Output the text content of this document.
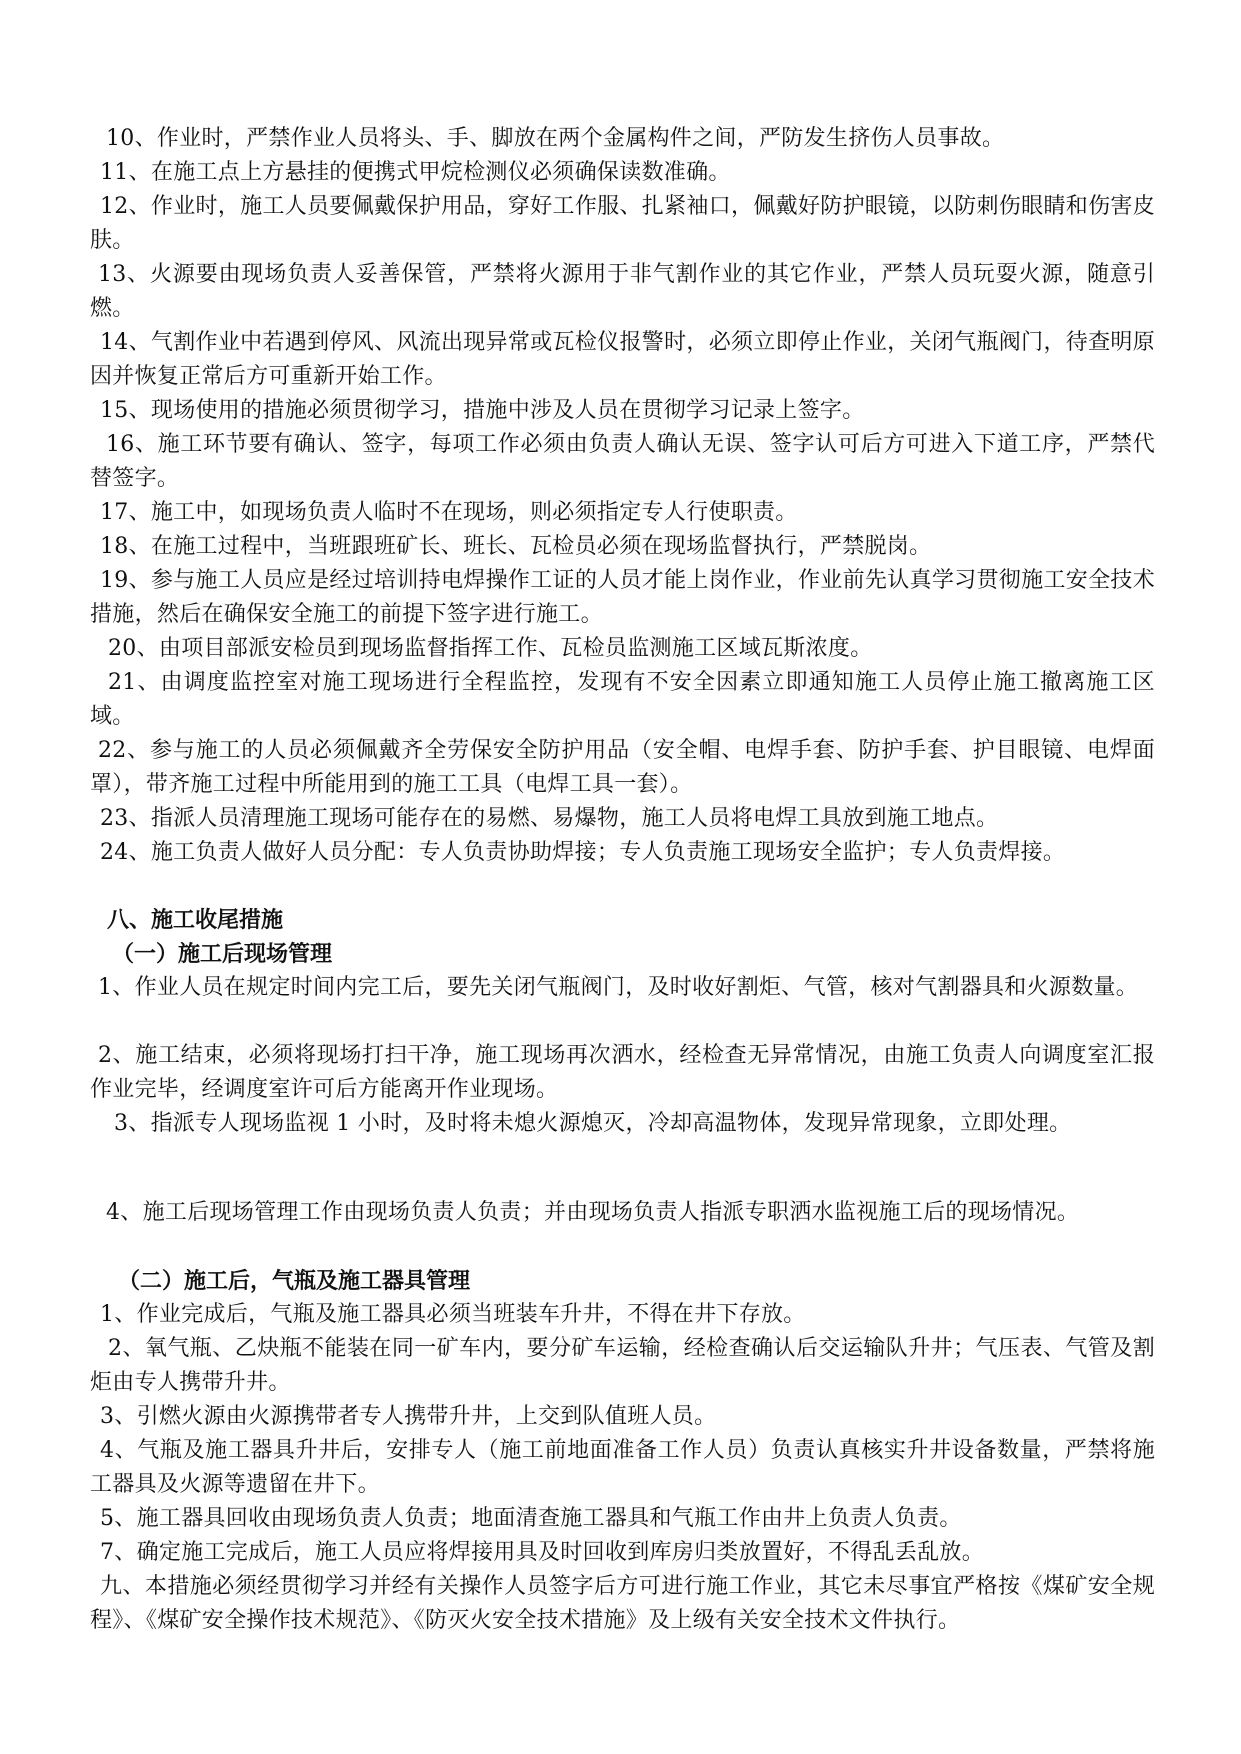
10、作业时，严禁作业人员将头、手、脚放在两个金属构件之间，严防发生挤伤人员事故。

11、在施工点上方悬挂的便携式甲烷检测仪必须确保读数准确。

12、作业时，施工人员要佩戴保护用品，穿好工作服、扎紧袖口，佩戴好防护眼镜，以防刺伤眼睛和伤害皮肤。

13、火源要由现场负责人妥善保管，严禁将火源用于非气割作业的其它作业，严禁人员玩耍火源，随意引燃。

14、气割作业中若遇到停风、风流出现异常或瓦检仪报警时，必须立即停止作业，关闭气瓶阀门，待查明原因并恢复正常后方可重新开始工作。

15、现场使用的措施必须贯彻学习，措施中涉及人员在贯彻学习记录上签字。

16、施工环节要有确认、签字，每项工作必须由负责人确认无误、签字认可后方可进入下道工序，严禁代替签字。

17、施工中，如现场负责人临时不在现场，则必须指定专人行使职责。

18、在施工过程中，当班跟班矿长、班长、瓦检员必须在现场监督执行，严禁脱岗。

19、参与施工人员应是经过培训持电焊操作工证的人员才能上岗作业，作业前先认真学习贯彻施工安全技术措施，然后在确保安全施工的前提下签字进行施工。

20、由项目部派安检员到现场监督指挥工作、瓦检员监测施工区域瓦斯浓度。

21、由调度监控室对施工现场进行全程监控，发现有不安全因素立即通知施工人员停止施工撤离施工区域。

22、参与施工的人员必须佩戴齐全劳保安全防护用品（安全帽、电焊手套、防护手套、护目眼镜、电焊面罩），带齐施工过程中所能用到的施工工具（电焊工具一套）。

23、指派人员清理施工现场可能存在的易燃、易爆物，施工人员将电焊工具放到施工地点。

24、施工负责人做好人员分配：专人负责协助焊接；专人负责施工现场安全监护；专人负责焊接。

八、施工收尾措施

（一）施工后现场管理

1、作业人员在规定时间内完工后，要先关闭气瓶阀门，及时收好割炬、气管，核对气割器具和火源数量。

2、施工结束，必须将现场打扫干净，施工现场再次洒水，经检查无异常情况，由施工负责人向调度室汇报作业完毕，经调度室许可后方能离开作业现场。

3、指派专人现场监视 1 小时，及时将未熄火源熄灭，冷却高温物体，发现异常现象，立即处理。

4、施工后现场管理工作由现场负责人负责；并由现场负责人指派专职洒水监视施工后的现场情况。

（二）施工后，气瓶及施工器具管理

1、作业完成后，气瓶及施工器具必须当班装车升井，不得在井下存放。

2、氧气瓶、乙炔瓶不能装在同一矿车内，要分矿车运输，经检查确认后交运输队升井；气压表、气管及割炬由专人携带升井。

3、引燃火源由火源携带者专人携带升井，上交到队值班人员。

4、气瓶及施工器具升井后，安排专人（施工前地面准备工作人员）负责认真核实升井设备数量，严禁将施工器具及火源等遗留在井下。

5、施工器具回收由现场负责人负责；地面清查施工器具和气瓶工作由井上负责人负责。

7、确定施工完成后，施工人员应将焊接用具及时回收到库房归类放置好，不得乱丢乱放。

九、本措施必须经贯彻学习并经有关操作人员签字后方可进行施工作业，其它未尽事宜严格按《煤矿安全规程》、《煤矿安全操作技术规范》、《防灭火安全技术措施》及上级有关安全技术文件执行。
